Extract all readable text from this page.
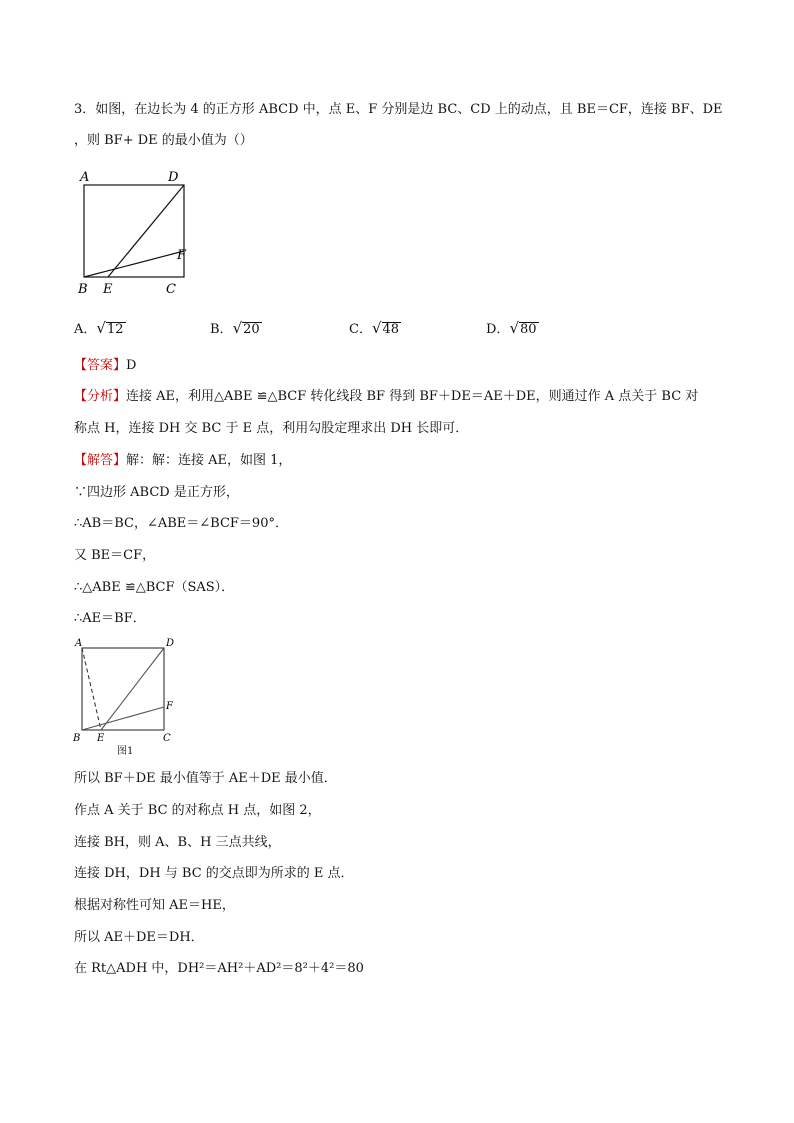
3．如图，在边长为 4 的正方形 ABCD 中，点 E、F 分别是边 BC、CD 上的动点，且 BE＝CF，连接 BF、DE
，则 BF+ DE 的最小值为（）
A	D
F
B E	C
A．√12	B．√20	C．√48	D．√80
【答案】D
【分析】连接 AE，利用△ABE ≌△BCF 转化线段 BF 得到 BF＋DE＝AE＋DE，则通过作 A 点关于 BC 对
称点 H，连接 DH 交 BC 于 E 点，利用勾股定理求出 DH 长即可．
【解答】解：解：连接 AE，如图 1，
∵四边形 ABCD 是正方形，
∴AB＝BC，∠ABE＝∠BCF＝90°．
又 BE＝CF，
∴△ABE ≌△BCF（SAS）．
∴AE＝BF．
A	D
F
B E	C
图1
所以 BF＋DE 最小值等于 AE＋DE 最小值．
作点 A 关于 BC 的对称点 H 点，如图 2，
连接 BH，则 A、B、H 三点共线，
连接 DH，DH 与 BC 的交点即为所求的 E 点．
根据对称性可知 AE＝HE，
所以 AE＋DE＝DH．
在 Rt△ADH 中，DH²＝AH²＋AD²＝8²＋4²＝80
